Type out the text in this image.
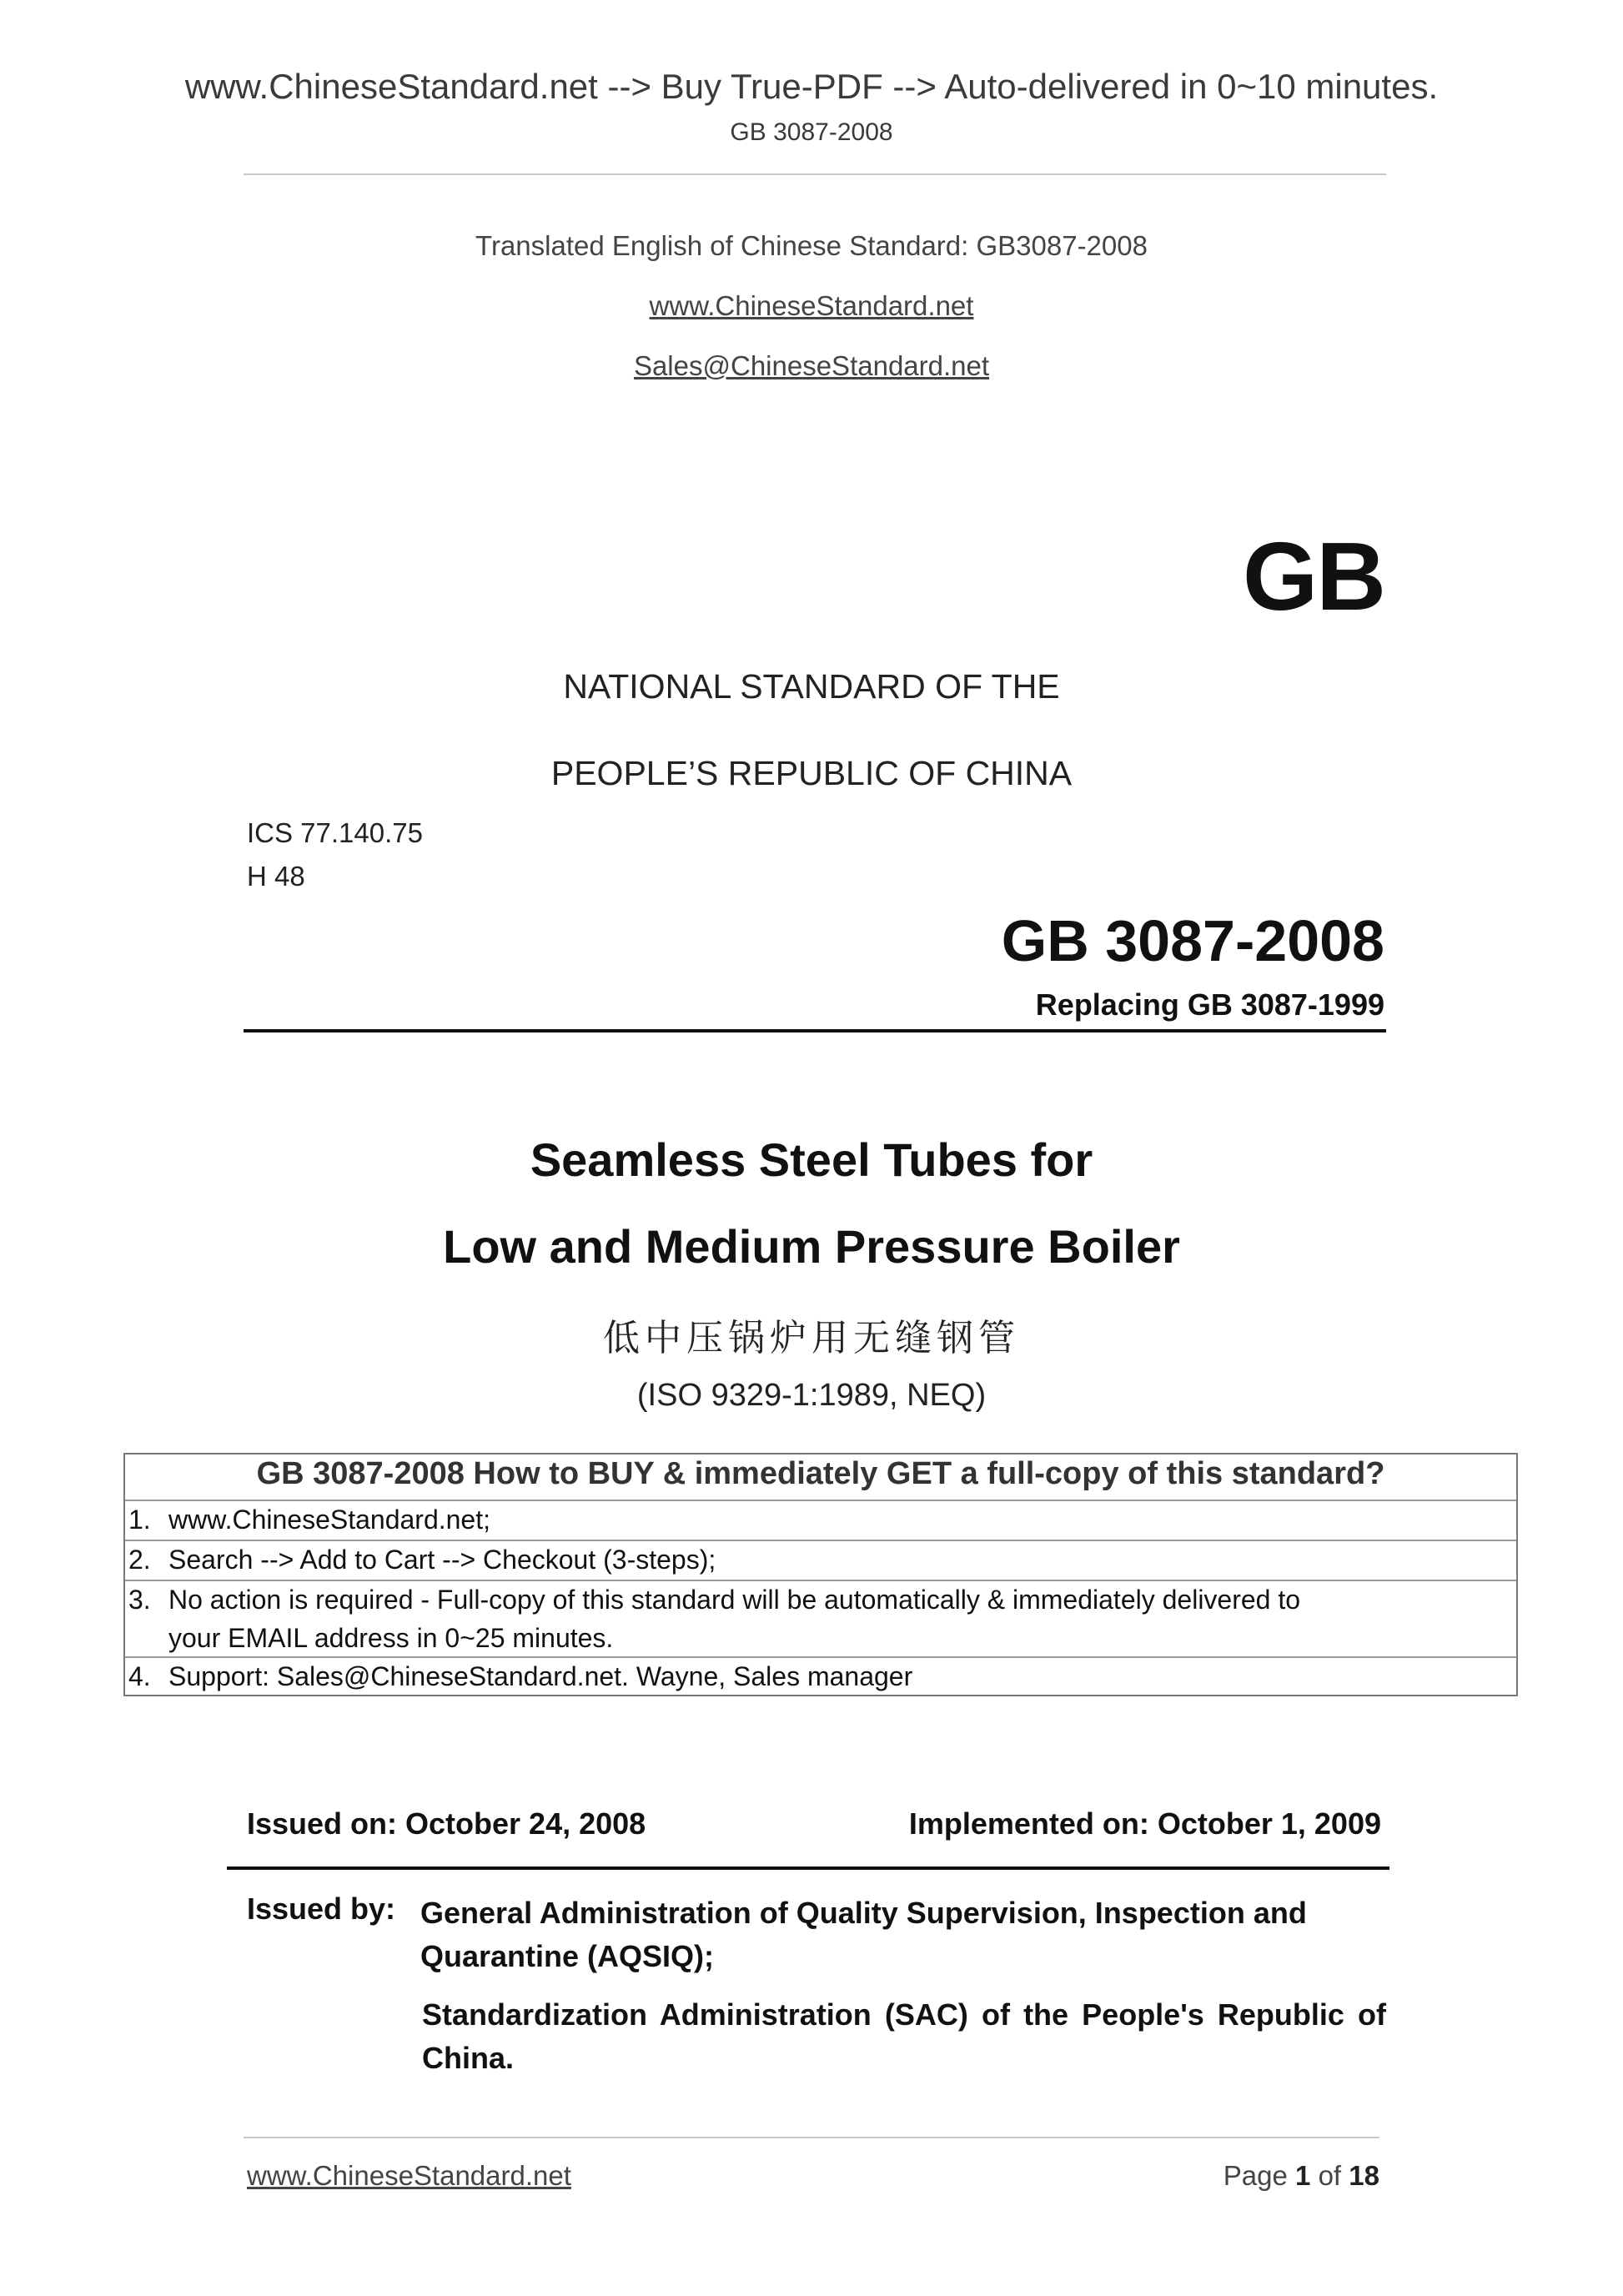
www.ChineseStandard.net --> Buy True-PDF --> Auto-delivered in 0~10 minutes.
GB 3087-2008
Translated English of Chinese Standard: GB3087-2008
www.ChineseStandard.net
Sales@ChineseStandard.net
GB
NATIONAL STANDARD OF THE
PEOPLE’S REPUBLIC OF CHINA
ICS 77.140.75
H 48
GB 3087-2008
Replacing GB 3087-1999
Seamless Steel Tubes for
Low and Medium Pressure Boiler
低中压锅炉用无缝钢管
(ISO 9329-1:1989, NEQ)
GB 3087-2008 How to BUY & immediately GET a full-copy of this standard?
1. www.ChineseStandard.net;
2. Search --> Add to Cart --> Checkout (3-steps);
3. No action is required - Full-copy of this standard will be automatically & immediately delivered to
your EMAIL address in 0~25 minutes.
4. Support: Sales@ChineseStandard.net. Wayne, Sales manager
Issued on: October 24, 2008	Implemented on: October 1, 2009
Issued by: General Administration of Quality Supervision, Inspection and
Quarantine (AQSIQ);
Standardization Administration (SAC) of the People's Republic of China.
www.ChineseStandard.net	Page 1 of 18
